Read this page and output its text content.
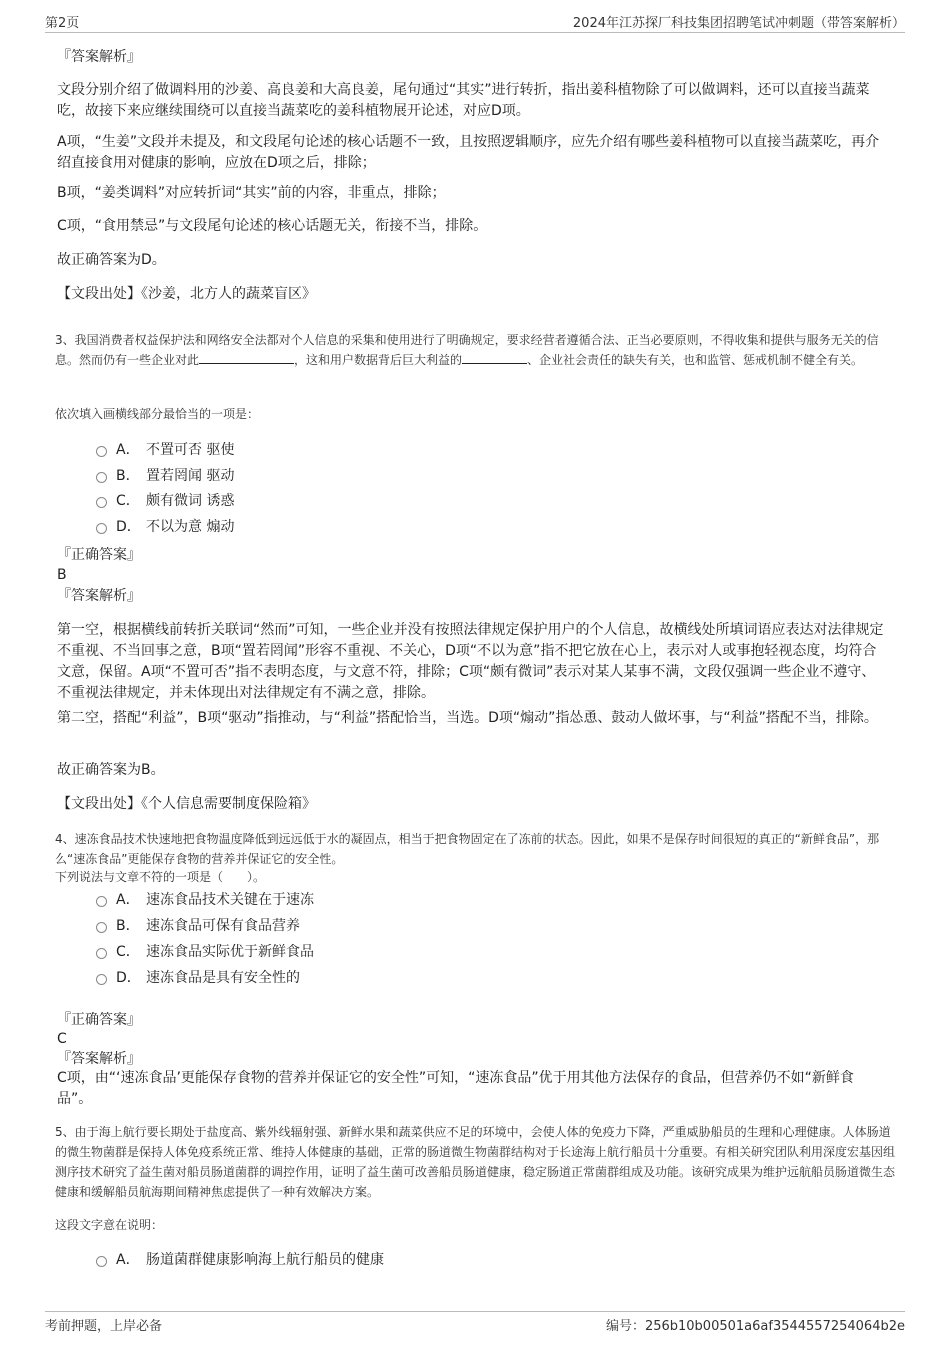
第2页	2024年江苏探厂科技集团招聘笔试冲刺题（带答案解析）

『答案解析』

文段分别介绍了做调料用的沙姜、高良姜和大高良姜，尾句通过“其实”进行转折，指出姜科植物除了可以做调料，还可以直接当蔬菜吃，故接下来应继续围绕可以直接当蔬菜吃的姜科植物展开论述，对应D项。

A项，“生姜”文段并未提及，和文段尾句论述的核心话题不一致，且按照逻辑顺序，应先介绍有哪些姜科植物可以直接当蔬菜吃，再介绍直接食用对健康的影响，应放在D项之后，排除；

B项，“姜类调料”对应转折词“其实”前的内容，非重点，排除；

C项，“食用禁忌”与文段尾句论述的核心话题无关，衔接不当，排除。

故正确答案为D。

【文段出处】《沙姜，北方人的蔬菜盲区》

3、我国消费者权益保护法和网络安全法都对个人信息的采集和使用进行了明确规定，要求经营者遵循合法、正当必要原则，不得收集和提供与服务无关的信息。然而仍有一些企业对此	，这和用户数据背后巨大利益的	、企业社会责任的缺失有关，也和监管、惩戒机制不健全有关。

依次填入画横线部分最恰当的一项是：

A． 不置可否 驱使
B． 置若罔闻 驱动
C． 颇有微词 诱惑
D． 不以为意 煽动

『正确答案』

B

『答案解析』

第一空，根据横线前转折关联词“然而”可知，一些企业并没有按照法律规定保护用户的个人信息，故横线处所填词语应表达对法律规定不重视、不当回事之意，B项“置若罔闻”形容不重视、不关心，D项“不以为意”指不把它放在心上，表示对人或事抱轻视态度，均符合文意，保留。A项“不置可否”指不表明态度，与文意不符，排除；C项“颇有微词”表示对某人某事不满，文段仅强调一些企业不遵守、不重视法律规定，并未体现出对法律规定有不满之意，排除。

第二空，搭配“利益”，B项“驱动”指推动，与“利益”搭配恰当，当选。D项“煽动”指怂恿、鼓动人做坏事，与“利益”搭配不当，排除。

故正确答案为B。

【文段出处】《个人信息需要制度保险箱》

4、速冻食品技术快速地把食物温度降低到远远低于水的凝固点，相当于把食物固定在了冻前的状态。因此，如果不是保存时间很短的真正的“新鲜食品”，那么“速冻食品”更能保存食物的营养并保证它的安全性。

下列说法与文章不符的一项是（　　）。

A． 速冻食品技术关键在于速冻
B． 速冻食品可保有食品营养
C． 速冻食品实际优于新鲜食品
D． 速冻食品是具有安全性的

『正确答案』

C

『答案解析』

C项，由“‘速冻食品’更能保存食物的营养并保证它的安全性”可知，“速冻食品”优于用其他方法保存的食品，但营养仍不如“新鲜食品”。

5、由于海上航行要长期处于盐度高、紫外线辐射强、新鲜水果和蔬菜供应不足的环境中，会使人体的免疫力下降，严重威胁船员的生理和心理健康。人体肠道的微生物菌群是保持人体免疫系统正常、维持人体健康的基础，正常的肠道微生物菌群结构对于长途海上航行船员十分重要。有相关研究团队利用深度宏基因组测序技术研究了益生菌对船员肠道菌群的调控作用，证明了益生菌可改善船员肠道健康，稳定肠道正常菌群组成及功能。该研究成果为维护远航船员肠道微生态健康和缓解船员航海期间精神焦虑提供了一种有效解决方案。

这段文字意在说明：

A． 肠道菌群健康影响海上航行船员的健康
考前押题，上岸必备	编号：256b10b00501a6af3544557254064b2e
